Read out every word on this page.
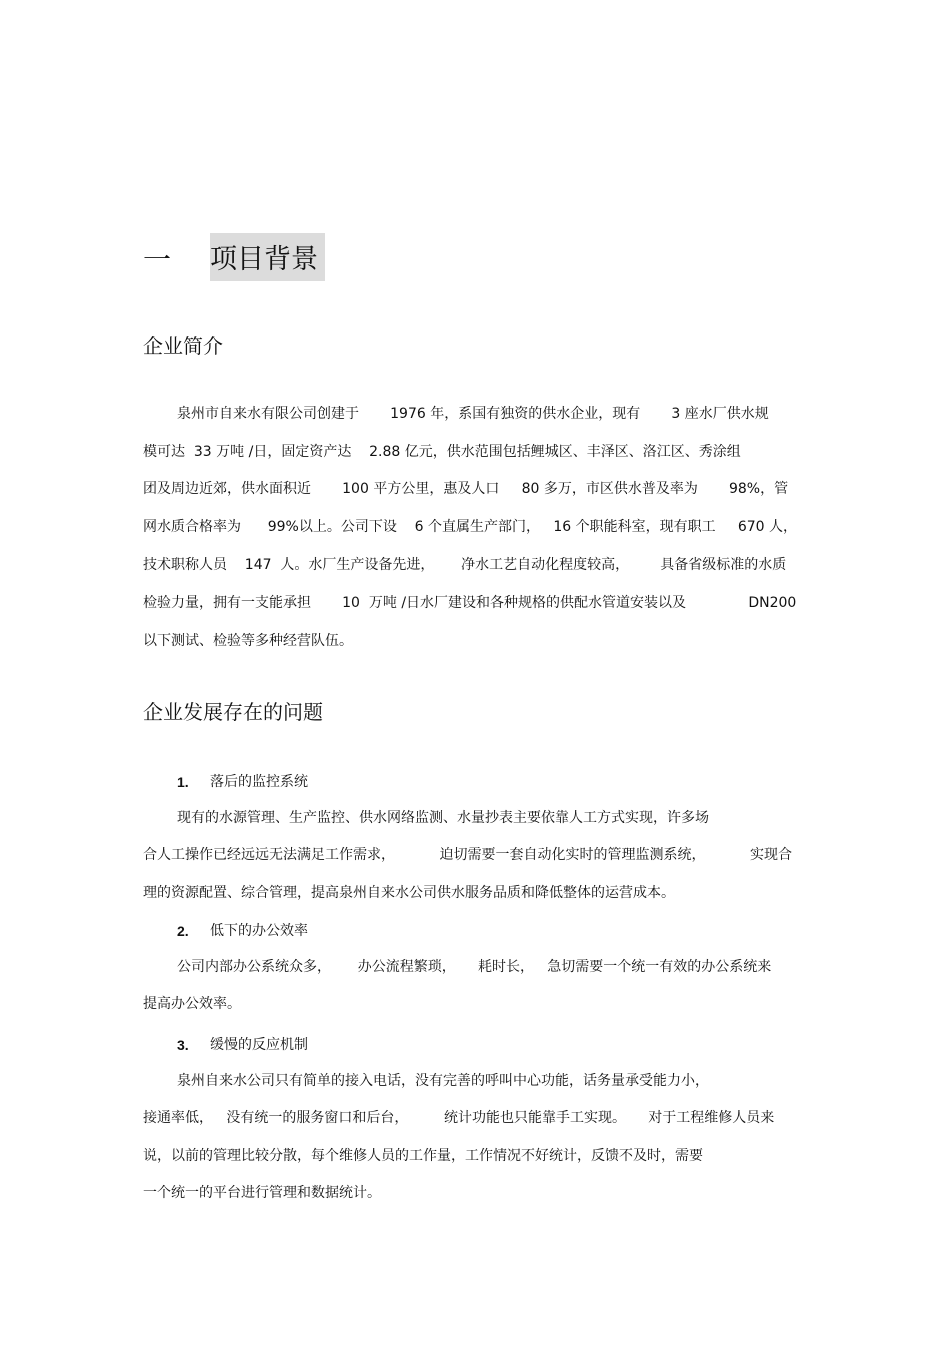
一 项目背景
企业简介
泉州市自来水有限公司创建于       1976 年，系国有独资的供水企业，现有       3 座水厂供水规
模可达  33 万吨 /日，固定资产达    2.88 亿元，供水范围包括鲤城区、丰泽区、洛江区、秀涂组
团及周边近郊，供水面积近       100 平方公里，惠及人口     80 多万，市区供水普及率为       98%，管
网水质合格率为      99%以上。公司下设    6 个直属生产部门，   16 个职能科室，现有职工     670 人，
技术职称人员    147  人。水厂生产设备先进，      净水工艺自动化程度较高，       具备省级标准的水质
检验力量，拥有一支能承担       10  万吨 /日水厂建设和各种规格的供配水管道安装以及              DN200
以下测试、检验等多种经营队伍。
企业发展存在的问题
1. 落后的监控系统
现有的水源管理、生产监控、供水网络监测、水量抄表主要依靠人工方式实现，许多场
合人工操作已经远远无法满足工作需求，          迫切需要一套自动化实时的管理监测系统，          实现合
理的资源配置、综合管理，提高泉州自来水公司供水服务品质和降低整体的运营成本。
2. 低下的办公效率
公司内部办公系统众多，      办公流程繁琐，     耗时长，   急切需要一个统一有效的办公系统来
提高办公效率。
3. 缓慢的反应机制
泉州自来水公司只有简单的接入电话，没有完善的呼叫中心功能，话务量承受能力小，
接通率低，   没有统一的服务窗口和后台，        统计功能也只能靠手工实现。     对于工程维修人员来
说，以前的管理比较分散，每个维修人员的工作量，工作情况不好统计，反馈不及时，需要
一个统一的平台进行管理和数据统计。
